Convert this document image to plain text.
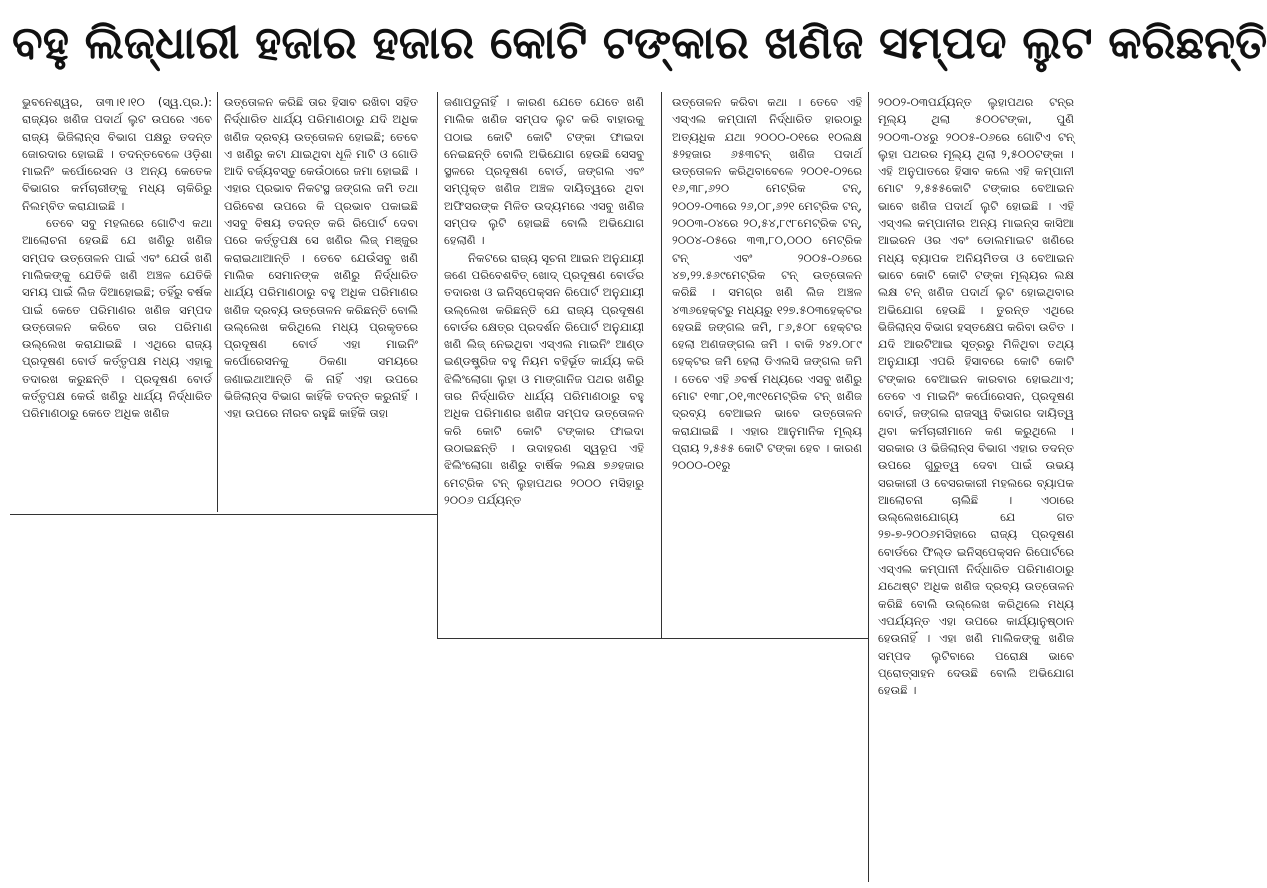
ବହୁ ଲିଜ୍‌ଧାରୀ ହଜାର ହଜାର କୋଟି ଟଙ୍କାର ଖଣିଜ ସମ୍ପଦ ଲୁଟ କରିଛନ୍ତି

ଭୁବନେଶ୍ୱର, ତା୩।୧।୧୦ (ସ୍ୱ.ପ୍ର.): ରାଜ୍ୟର ଖଣିଜ ପଦାର୍ଥ ଲୁଟ ଉପରେ ଏବେ ରାଜ୍ୟ ଭିଜିଲାନ୍ସ ବିଭାଗ ପକ୍ଷରୁ ତଦନ୍ତ ଜୋରଦାର ହୋଇଛି । ତଦନ୍ତବେଳେ ଓଡ଼ିଶା ମାଇନିଂ କର୍ପୋରେସନ ଓ ଅନ୍ୟ କେତେକ ବିଭାଗର କର୍ମଚାରୀଙ୍କୁ ମଧ୍ୟ ଚାକିରିରୁ ନିଲମ୍ବିତ କରାଯାଇଛି ।

ତେବେ ସବୁ ମହଲରେ ଗୋଟିଏ କଥା ଆଲୋଚନା ହେଉଛି ଯେ ଖଣିରୁ ଖଣିଜ ସମ୍ପଦ ଉତ୍ତୋଳନ ପାଇଁ ଏବଂ ଯେଉଁ ଖଣି ମାଲିକଙ୍କୁ ଯେତିକି ଖଣି ଅଞ୍ଚଳ ଯେତିକି ସମୟ ପାଇଁ ଲିଜ ଦିଆହୋଇଛି; ତହିଁରୁ ବର୍ଷକ ପାଇଁ କେତେ ପରିମାଣର ଖଣିଜ ସମ୍ପଦ ଉତ୍ତୋଳନ କରିବେ ତାର ପରିମାଣ ଉଲ୍ଲେଖ କରାଯାଇଛି । ଏଥିରେ ରାଜ୍ୟ ପ୍ରଦୂଷଣ ବୋର୍ଡ କର୍ତ୍ତୃପକ୍ଷ ମଧ୍ୟ ଏହାକୁ ତଦାରଖ କରୁଛନ୍ତି । ପ୍ରଦୂଷଣ ବୋର୍ଡ କର୍ତ୍ତୃପକ୍ଷ କେଉଁ ଖଣିରୁ ଧାର୍ଯ୍ୟ ନିର୍ଦ୍ଧାରିତ ପରିମାଣଠାରୁ କେତେ ଅଧିକ ଖଣିଜ

ଉତ୍ତୋଳନ କରିଛି ତାର ହିସାବ ରଖିବା ସହିତ ନିର୍ଦ୍ଧାରିତ ଧାର୍ଯ୍ୟ ପରିମାଣଠାରୁ ଯଦି ଅଧିକ ଖଣିଜ ଦ୍ରବ୍ୟ ଉତ୍ତୋଳନ ହୋଇଛି; ତେବେ ଏ ଖଣିରୁ କଟା ଯାଇଥିବା ଧୂଳି ମାଟି ଓ ଗୋଡି ଆଦି ବର୍ଜ୍ୟବସ୍ତୁ କେଉଁଠାରେ ଜମା ହୋଇଛି । ଏହାର ପ୍ରଭାବ ନିକଟସ୍ଥ ଜଙ୍ଗଲ ଜମି ତଥା ପରିବେଶ ଉପରେ କି ପ୍ରଭାବ ପକାଇଛି ଏସବୁ ବିଷୟ ତଦନ୍ତ କରି ରିପୋର୍ଟ ଦେବା ପରେ କର୍ତ୍ତୃପକ୍ଷ ସେ ଖଣିର ଲିଜ୍ ମଞ୍ଜୁର କରାଇଥାଆନ୍ତି । ତେବେ ଯେଉଁସବୁ ଖଣି ମାଲିକ ସେମାନଙ୍କ ଖଣିରୁ ନିର୍ଦ୍ଧାରିତ ଧାର୍ଯ୍ୟ ପରିମାଣଠାରୁ ବହୁ ଅଧିକ ପରିମାଣର ଖଣିଜ ଦ୍ରବ୍ୟ ଉତ୍ତୋଳନ କରିଛନ୍ତି ବୋଲି ଉଲ୍ଲେଖ କରିଥିଲେ ମଧ୍ୟ ପ୍ରକୃତରେ ପ୍ରଦୂଷଣ ବୋର୍ଡ ଏହା ମାଇନିଂ କର୍ପୋରେସନକୁ ଠିକଣା ସମୟରେ ଜଣାଇଥାଆନ୍ତି କି ନାହିଁ ଏହା ଉପରେ ଭିଜିଲାନ୍ସ ବିଭାଗ କାହିଁକି ତଦନ୍ତ କରୁନାହିଁ । ଏହା ଉପରେ ନୀରବ ରହୁଛି କାହିଁକି ତାହା

ଜଣାପଡୁନାହିଁ । କାରଣ ଯେତେ ଯେତେ ଖଣି ମାଲିକ ଖଣିଜ ସମ୍ପଦ ଲୁଟ କରି ବାହାରକୁ ପଠାଇ କୋଟି କୋଟି ଟଙ୍କା ଫାଇଦା ନେଇଛନ୍ତି ବୋଲି ଅଭିଯୋଗ ହେଉଛି ସେସବୁ ସ୍ଥଳରେ ପ୍ରଦୂଷଣ ବୋର୍ଡ, ଜଙ୍ଗଲ ଏବଂ ସମ୍ପୃକ୍ତ ଖଣିଜ ଅଞ୍ଚଳ ଦାୟିତ୍ୱରେ ଥିବା ଅଫିସରଙ୍କ ମିଳିତ ଉଦ୍ୟମରେ ଏସବୁ ଖଣିଜ ସମ୍ପଦ ଲୁଟି ହୋଇଛି ବୋଲି ଅଭିଯୋଗ ହେଲାଣି ।

ନିକଟରେ ରାଜ୍ୟ ସୂଚନା ଆଇନ ଅନୁଯାୟୀ ଜଣେ ପରିବେଶବିତ୍ ଖୋଦ୍ ପ୍ରଦୂଷଣ ବୋର୍ଡର ତଦାରଖ ଓ ଇନିସ୍ପେକ୍ସନ ରିପୋର୍ଟ ଅନୁଯାୟୀ ଉଲ୍ଲେଖ କରିଛନ୍ତି ଯେ ରାଜ୍ୟ ପ୍ରଦୂଷଣ ବୋର୍ଡର କ୍ଷେତ୍ର ପ୍ରଦର୍ଶନ ରିପୋର୍ଟ ଅନୁଯାୟୀ ଖଣି ଲିଜ୍ ନେଇଥିବା ଏସ୍‌ଏଲ ମାଇନିଂ ଆଣ୍ଡ ଇଣ୍ଡଷ୍ଟ୍ରିଜ ବହୁ ନିୟମ ବହିର୍ଭୂତ କାର୍ଯ୍ୟ କରି ଝିଲିଂଲୋଗା ଲୁହା ଓ ମାଙ୍ଗାନିଜ ପଥର ଖଣିରୁ ତାର ନିର୍ଦ୍ଧାରିତ ଧାର୍ଯ୍ୟ ପରିମାଣଠାରୁ ବହୁ ଅଧିକ ପରିମାଣର ଖଣିଜ ସମ୍ପଦ ଉତ୍ତୋଳନ କରି କୋଟି କୋଟି ଟଙ୍କାର ଫାଇଦା ଉଠାଇଛନ୍ତି । ଉଦାହରଣ ସ୍ୱରୂପ ଏହି ଝିଲିଂଲୋଗା ଖଣିରୁ ବାର୍ଷିକ ୨ଲକ୍ଷ ୭୬ହଜାର ମେଟ୍ରିକ ଟନ୍ ଲୁହାପଥର ୨୦୦୦ ମସିହାରୁ ୨୦୦୬ ପର୍ଯ୍ୟନ୍ତ

ଉତ୍ତୋଳନ କରିବା କଥା । ତେବେ ଏହି ଏସ୍‌ଏଲ କମ୍ପାନୀ ନିର୍ଦ୍ଧାରିତ ହାରଠାରୁ ଅତ୍ୟଧିକ ଯଥା ୨୦୦୦-୦୧ରେ ୧୦ଲକ୍ଷ ୫୨ହଜାର ୬୫୩ଟନ୍ ଖଣିଜ ପଦାର୍ଥ ଉତ୍ତୋଳନ କରିଥିବାବେଳେ ୨୦୦୧-୦୨ରେ ୧୬,୩୮,୬୨୦ ମେଟ୍ରିକ ଟନ୍, ୨୦୦୨-୦୩ରେ ୨୬,୦୮,୬୨୧ ମେଟ୍ରିକ ଟନ୍, ୨୦୦୩-୦୪ରେ ୨୦,୫୪,୮୯୮ମେଟ୍ରିକ ଟନ୍, ୨୦୦୪-୦୫ରେ ୩୩,୮୦,୦୦୦ ମେଟ୍ରିକ ଟନ୍ ଏବଂ ୨୦୦୫-୦୬ରେ ୪୭,୨୨.୫୬୯ମେଟ୍ରିକ ଟନ୍ ଉତ୍ତୋଳନ କରିଛି । ସମଗ୍ର ଖଣି ଲିଜ ଅଞ୍ଚଳ ୪୩୬ହେକ୍ଟରୁ ମଧ୍ୟରୁ ୧୨୭.୫୦୩ହେକ୍ଟର ହେଉଛି ଜଙ୍ଗଲ ଜମି, ୮୬,୫୦୮ ହେକ୍ଟର ହେଲା ଅଣଜଙ୍ଗଲ ଜମି । ବାକି ୨୪୨.୦୮୯ ହେକ୍ଟର ଜମି ହେଲା ଡିଏଲସି ଜଙ୍ଗଲ ଜମି । ତେବେ ଏହି ୬ବର୍ଷ ମଧ୍ୟରେ ଏସବୁ ଖଣିରୁ ମୋଟ ୧୩୮,୦୧,୩୯୧ମେଟ୍ରିକ ଟନ୍ ଖଣିଜ ଦ୍ରବ୍ୟ ବେଆଇନ ଭାବେ ଉତ୍ତୋଳନ କରାଯାଇଛି । ଏହାର ଆନୁମାନିକ ମୂଲ୍ୟ ପ୍ରାୟ ୨,୫୫୫ କୋଟି ଟଙ୍କା ହେବ । କାରଣ ୨୦୦୦-୦୧ରୁ

୨୦୦୨-୦୩ପର୍ଯ୍ୟନ୍ତ ଲୁହାପଥର ଟନ୍‌ର ମୂଲ୍ୟ ଥିଲା ୫୦୦ଟଙ୍କା, ପୁଣି ୨୦୦୩-୦୪ରୁ ୨୦୦୫-୦୬ରେ ଗୋଟିଏ ଟନ୍ ଲୁହା ପଥରର ମୂଲ୍ୟ ଥିଲା ୨,୫୦୦ଟଙ୍କା । ଏହି ଅନୁପାତରେ ହିସାବ କଲେ ଏହି କମ୍ପାନୀ ମୋଟ ୨,୫୫୫କୋଟି ଟଙ୍କାର ବେଆଇନ ଭାବେ ଖଣିଜ ପଦାର୍ଥ ଲୁଟି ହୋଇଛି । ଏହି ଏସ୍‌ଏଲ କମ୍ପାନୀର ଅନ୍ୟ ମାଇନ୍ସ କାସିଆ ଆଇରନ ଓର ଏବଂ ଡୋଲମାଇଟ ଖଣିରେ ମଧ୍ୟ ବ୍ୟାପକ ଅନିୟମିତତା ଓ ବେଆଇନ ଭାବେ କୋଟି କୋଟି ଟଙ୍କା ମୂଲ୍ୟର ଲକ୍ଷ ଲକ୍ଷ ଟନ୍ ଖଣିଜ ପଦାର୍ଥ ଲୁଟ ହୋଇଥିବାର ଅଭିଯୋଗ ହେଉଛି । ତୁରନ୍ତ ଏଥିରେ ଭିଜିଲାନ୍ସ ବିଭାଗ ହସ୍ତକ୍ଷେପ କରିବା ଉଚିତ । ଯଦି ଆରଟିଆଇ ସୂତ୍ରରୁ ମିଳିଥିବା ତଥ୍ୟ ଅନୁଯାୟୀ ଏପରି ହିସାବରେ କୋଟି କୋଟି ଟଙ୍କାର ବେଆଇନ କାରବାର ହୋଇଥାଏ; ତେବେ ଏ ମାଇନିଂ କର୍ପୋରେସନ, ପ୍ରଦୂଷଣ ବୋର୍ଡ, ଜଙ୍ଗଲ ରାଜସ୍ୱ ବିଭାଗର ଦାୟିତ୍ୱ ଥିବା କର୍ମଚାରୀମାନେ କଣ କରୁଥିଲେ । ସରକାର ଓ ଭିଜିଲାନ୍ସ ବିଭାଗ ଏହାର ତଦନ୍ତ ଉପରେ ଗୁରୁତ୍ୱ ଦେବା ପାଇଁ ଉଭୟ ସରକାରୀ ଓ ବେସରକାରୀ ମହଲରେ ବ୍ୟାପକ ଆଲୋଚନା ଚାଲିଛି । ଏଠାରେ ଉଲ୍ଲେଖଯୋଗ୍ୟ ଯେ ଗତ ୨୭-୭-୨୦୦୬ମସିହାରେ ରାଜ୍ୟ ପ୍ରଦୂଷଣ ବୋର୍ଡରେ ଫିଲ୍ଡ ଇନିସ୍ପେକ୍ସନ ରିପୋର୍ଟରେ ଏସ୍‌ଏଲ କମ୍ପାନୀ ନିର୍ଦ୍ଧାରିତ ପରିମାଣଠାରୁ ଯଥେଷ୍ଟ ଅଧିକ ଖଣିଜ ଦ୍ରବ୍ୟ ଉତ୍ତୋଳନ କରିଛି ବୋଲି ଉଲ୍ଲେଖ କରିଥିଲେ ମଧ୍ୟ ଏପର୍ଯ୍ୟନ୍ତ ଏହା ଉପରେ କାର୍ଯ୍ୟାନୁଷ୍ଠାନ ହେଉନାହିଁ । ଏହା ଖଣି ମାଲିକଙ୍କୁ ଖଣିଜ ସମ୍ପଦ ଲୁଟିବାରେ ପରୋକ୍ଷ ଭାବେ ପ୍ରୋତ୍ସାହନ ଦେଉଛି ବୋଲି ଅଭିଯୋଗ ହେଉଛି ।
